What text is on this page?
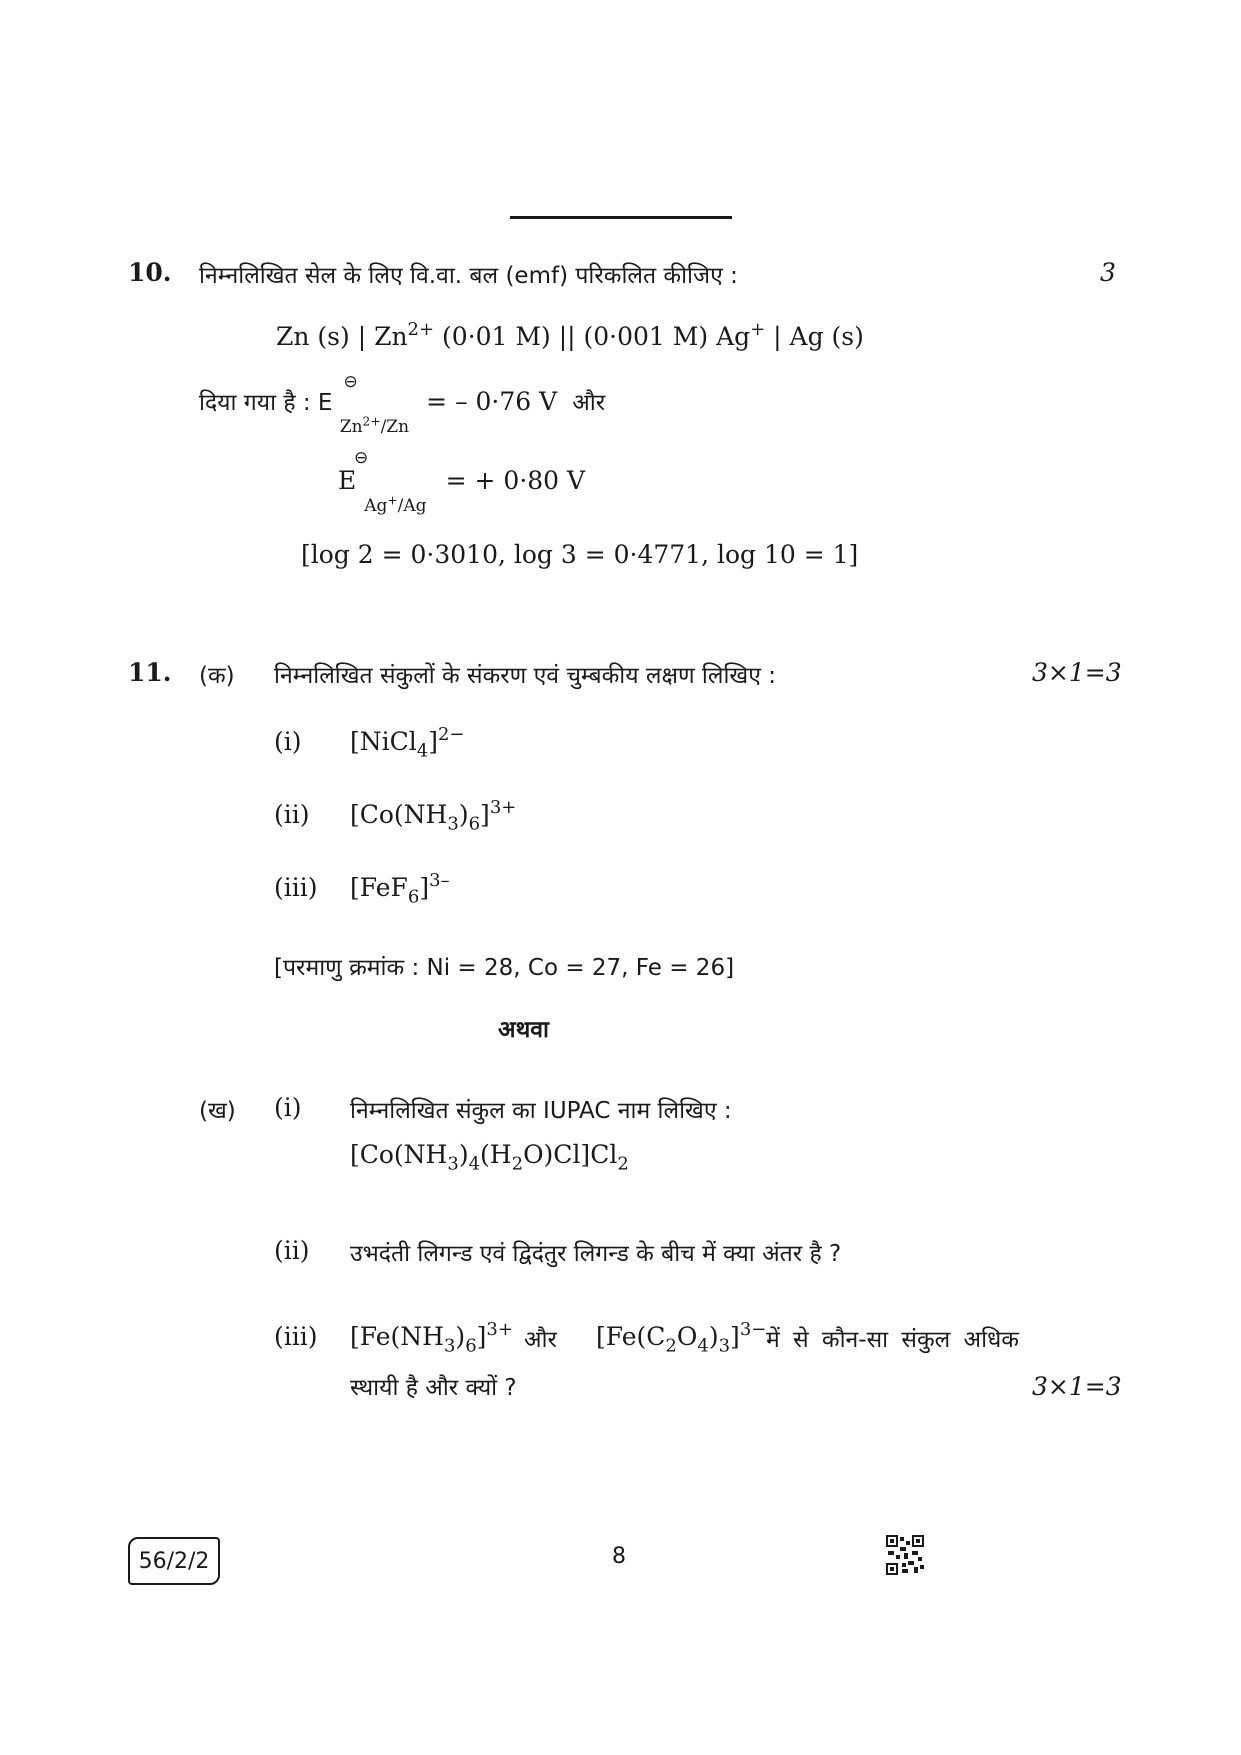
10. निम्नलिखित सेल के लिए वि.वा. बल (emf) परिकलित कीजिए :	3
Zn (s) | $Zn^{2+}$ (0·01 M) || (0·001 M) Ag+ | Ag (s)
दिया गया है : E
⊖
$Zn^{2+}/Zn$ = – 0·76 V और
E
⊖
Ag+/Ag = + 0·80 V
[log 2 = 0·3010, log 3 = 0·4771, log 10 = 1]
11. (क) निम्नलिखित संकुलों के संकरण एवं चुम्बकीय लक्षण लिखिए :	3×1=3
(i) [NiCl$_4$]$^{2-}$
(ii) $[Co(NH_3)_6]^{3+}$
(iii) $[FeF_6]^{3-}$
[परमाणु क्रमांक : Ni = 28, Co = 27, Fe = 26]
अथवा
(ख) (i) निम्नलिखित संकुल का IUPAC नाम लिखिए :
$[Co(NH_3)_4(H_2O)Cl]Cl_2$
(ii) उभदंती लिगन्ड एवं द्विदंतुर लिगन्ड के बीच में क्या अंतर है ?
(iii) $[Fe(NH_3)_6]^{3+}$ और $[Fe(C_2O_4)_3]^{3-}$ में से कौन-सा संकुल अधिक
स्थायी है और क्यों ?	3×1=3
56/2/2	8
